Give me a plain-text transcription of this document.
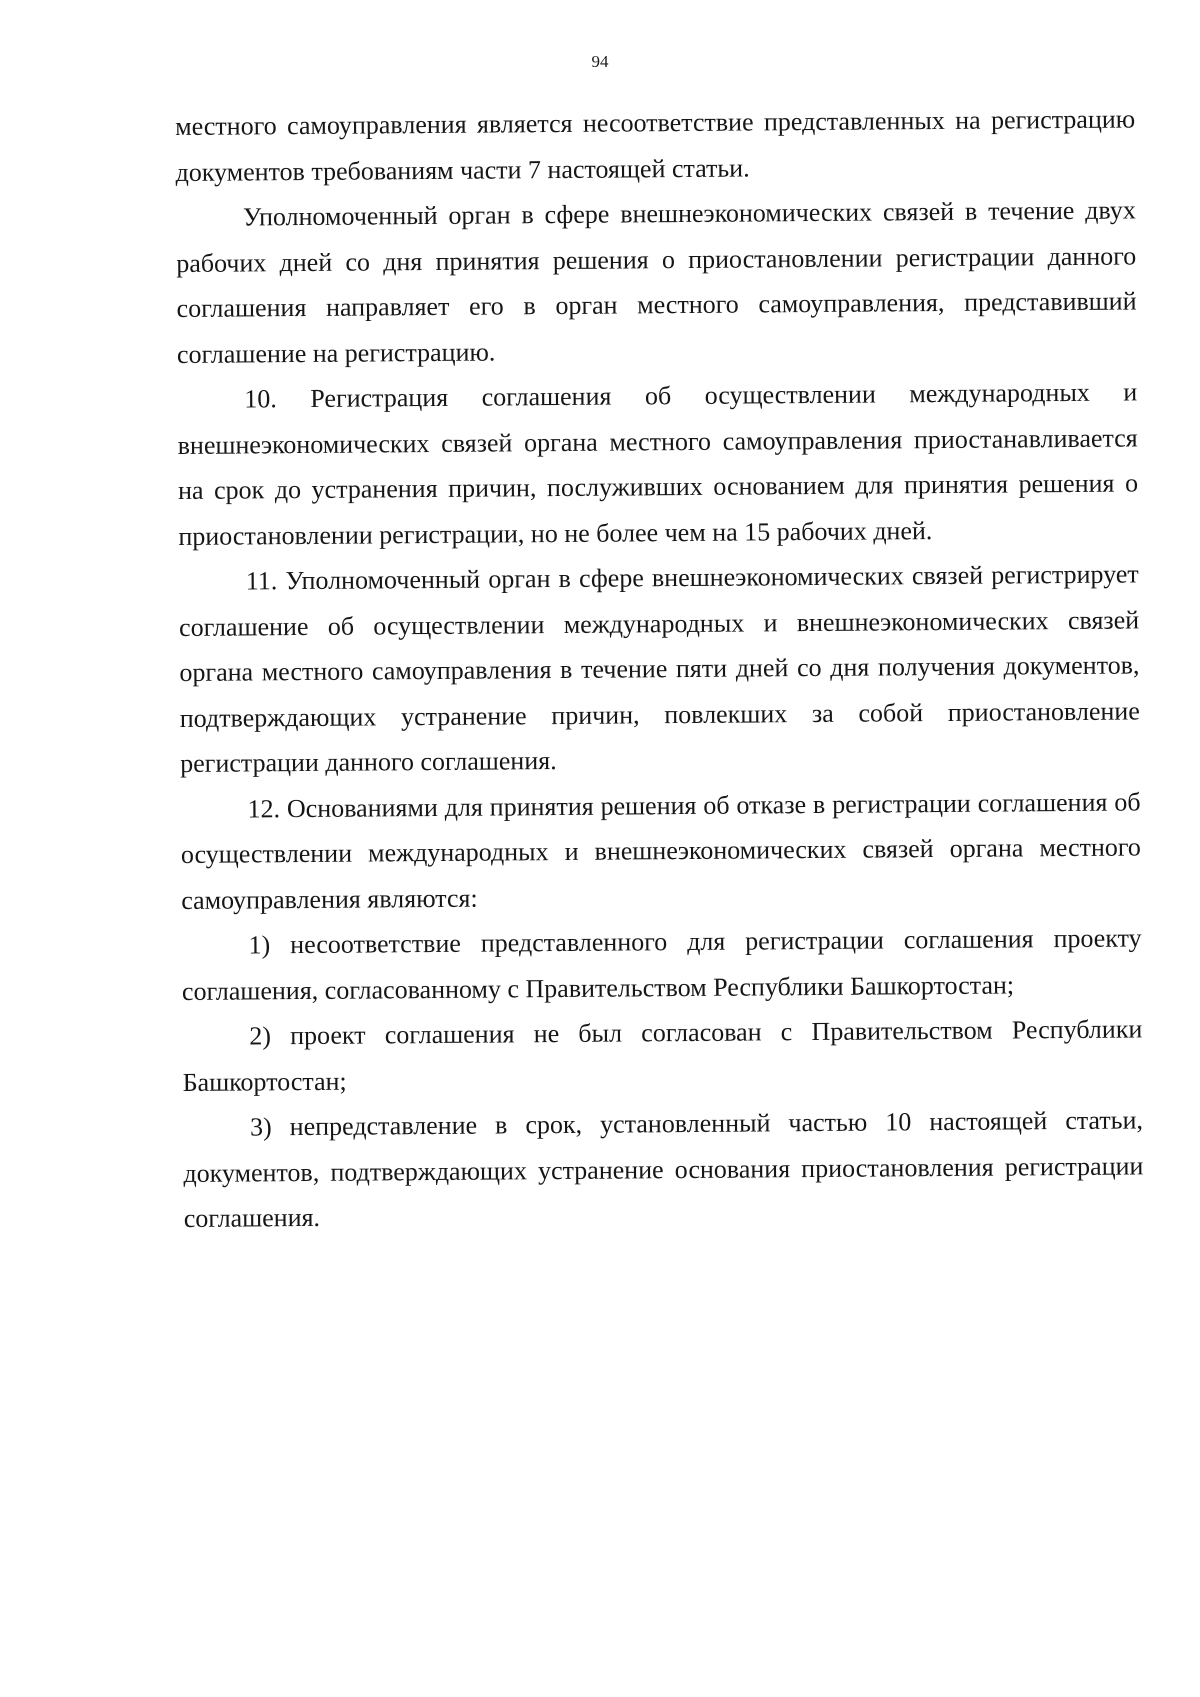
94

местного самоуправления является несоответствие представленных на регистрацию документов требованиям части 7 настоящей статьи.

Уполномоченный орган в сфере внешнеэкономических связей в течение двух рабочих дней со дня принятия решения о приостановлении регистрации данного соглашения направляет его в орган местного самоуправления, представивший соглашение на регистрацию.

10. Регистрация соглашения об осуществлении международных и внешнеэкономических связей органа местного самоуправления приостанавливается на срок до устранения причин, послуживших основанием для принятия решения о приостановлении регистрации, но не более чем на 15 рабочих дней.

11. Уполномоченный орган в сфере внешнеэкономических связей регистрирует соглашение об осуществлении международных и внешнеэкономических связей органа местного самоуправления в течение пяти дней со дня получения документов, подтверждающих устранение причин, повлекших за собой приостановление регистрации данного соглашения.

12. Основаниями для принятия решения об отказе в регистрации соглашения об осуществлении международных и внешнеэкономических связей органа местного самоуправления являются:

1) несоответствие представленного для регистрации соглашения проекту соглашения, согласованному с Правительством Республики Башкортостан;

2) проект соглашения не был согласован с Правительством Республики Башкортостан;

3) непредставление в срок, установленный частью 10 настоящей статьи, документов, подтверждающих устранение основания приостановления регистрации соглашения.
